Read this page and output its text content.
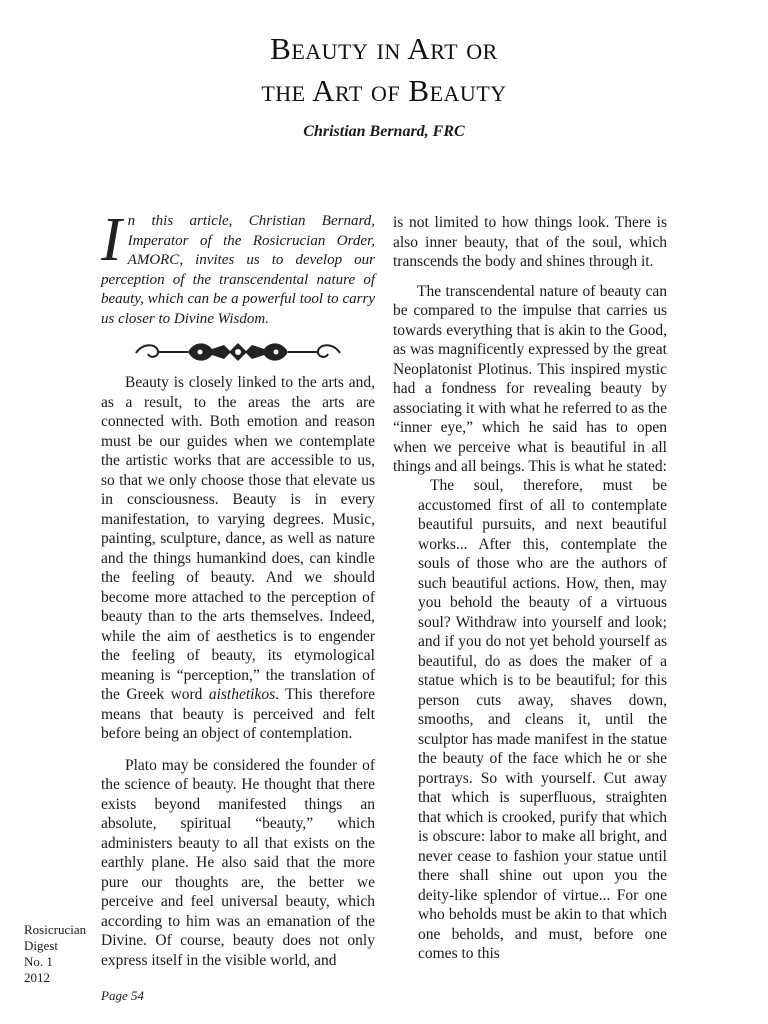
Beauty in Art or
the Art of Beauty
Christian Bernard, FRC
In this article, Christian Bernard, Imperator of the Rosicrucian Order, AMORC, invites us to develop our perception of the transcendental nature of beauty, which can be a powerful tool to carry us closer to Divine Wisdom.

Beauty is closely linked to the arts and, as a result, to the areas the arts are connected with. Both emotion and reason must be our guides when we contemplate the artistic works that are accessible to us, so that we only choose those that elevate us in consciousness. Beauty is in every manifestation, to varying degrees. Music, painting, sculpture, dance, as well as nature and the things humankind does, can kindle the feeling of beauty. And we should become more attached to the perception of beauty than to the arts themselves. Indeed, while the aim of aesthetics is to engender the feeling of beauty, its etymological meaning is “perception,” the translation of the Greek word aisthetikos. This therefore means that beauty is perceived and felt before being an object of contemplation.

Plato may be considered the founder of the science of beauty. He thought that there exists beyond manifested things an absolute, spiritual “beauty,” which administers beauty to all that exists on the earthly plane. He also said that the more pure our thoughts are, the better we perceive and feel universal beauty, which according to him was an emanation of the Divine. Of course, beauty does not only express itself in the visible world, and

is not limited to how things look. There is also inner beauty, that of the soul, which transcends the body and shines through it.

The transcendental nature of beauty can be compared to the impulse that carries us towards everything that is akin to the Good, as was magnificently expressed by the great Neoplatonist Plotinus. This inspired mystic had a fondness for revealing beauty by associating it with what he referred to as the “inner eye,” which he said has to open when we perceive what is beautiful in all things and all beings. This is what he stated:

The soul, therefore, must be accustomed first of all to contemplate beautiful pursuits, and next beautiful works... After this, contemplate the souls of those who are the authors of such beautiful actions. How, then, may you behold the beauty of a virtuous soul? Withdraw into yourself and look; and if you do not yet behold yourself as beautiful, do as does the maker of a statue which is to be beautiful; for this person cuts away, shaves down, smooths, and cleans it, until the sculptor has made manifest in the statue the beauty of the face which he or she portrays. So with yourself. Cut away that which is superfluous, straighten that which is crooked, purify that which is obscure: labor to make all bright, and never cease to fashion your statue until there shall shine out upon you the deity-like splendor of virtue... For one who beholds must be akin to that which one beholds, and must, before one comes to this

Rosicrucian
Digest
No. 1
2012
Page 54
